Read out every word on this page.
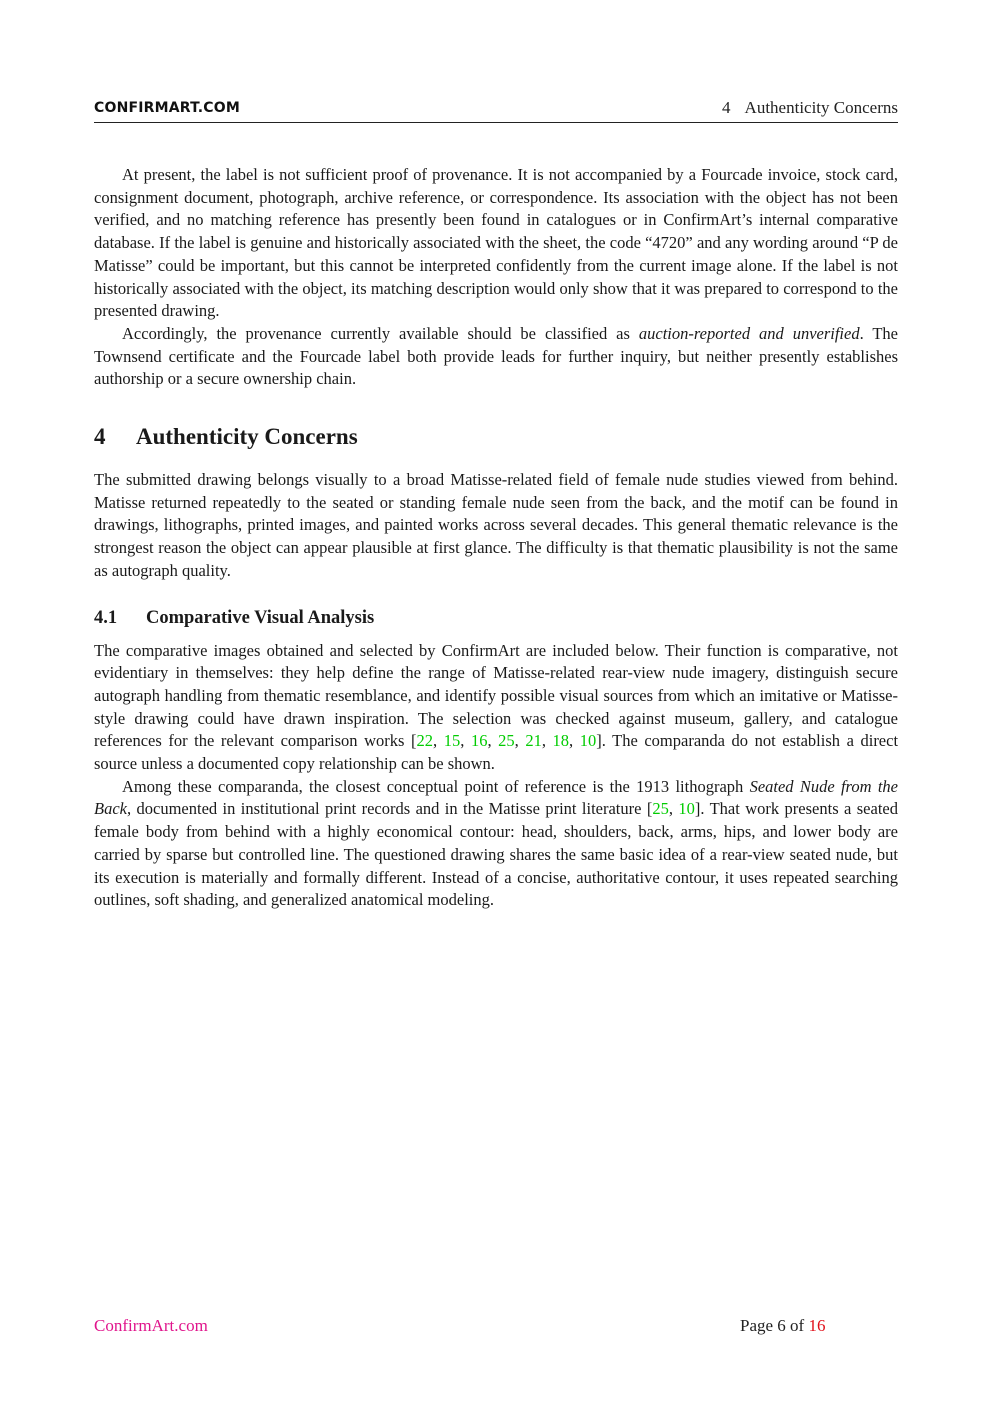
CONFIRMART.COM	4 Authenticity Concerns

At present, the label is not sufficient proof of provenance. It is not accompanied by a Fourcade invoice, stock card, consignment document, photograph, archive reference, or correspondence. Its association with the object has not been verified, and no matching reference has presently been found in catalogues or in ConfirmArt’s internal comparative database. If the label is genuine and historically associated with the sheet, the code “4720” and any wording around “P de Matisse” could be important, but this cannot be interpreted confidently from the current image alone. If the label is not historically associated with the object, its matching description would only show that it was prepared to correspond to the presented drawing.

Accordingly, the provenance currently available should be classified as auction-reported and unverified. The Townsend certificate and the Fourcade label both provide leads for further inquiry, but neither presently establishes authorship or a secure ownership chain.

4 Authenticity Concerns

The submitted drawing belongs visually to a broad Matisse-related field of female nude studies viewed from behind. Matisse returned repeatedly to the seated or standing female nude seen from the back, and the motif can be found in drawings, lithographs, printed images, and painted works across several decades. This general thematic relevance is the strongest reason the object can appear plausible at first glance. The difficulty is that thematic plausibility is not the same as autograph quality.

4.1 Comparative Visual Analysis

The comparative images obtained and selected by ConfirmArt are included below. Their function is comparative, not evidentiary in themselves: they help define the range of Matisse-related rear-view nude imagery, distinguish secure autograph handling from thematic resemblance, and identify possible visual sources from which an imitative or Matisse-style drawing could have drawn inspiration. The selection was checked against museum, gallery, and catalogue references for the relevant comparison works [22, 15, 16, 25, 21, 18, 10]. The comparanda do not establish a direct source unless a documented copy relationship can be shown.

Among these comparanda, the closest conceptual point of reference is the 1913 lithograph Seated Nude from the Back, documented in institutional print records and in the Matisse print literature [25, 10]. That work presents a seated female body from behind with a highly economical contour: head, shoulders, back, arms, hips, and lower body are carried by sparse but controlled line. The questioned drawing shares the same basic idea of a rear-view seated nude, but its execution is materially and formally different. Instead of a concise, authoritative contour, it uses repeated searching outlines, soft shading, and generalized anatomical modeling.

ConfirmArt.com	Page 6 of 16
